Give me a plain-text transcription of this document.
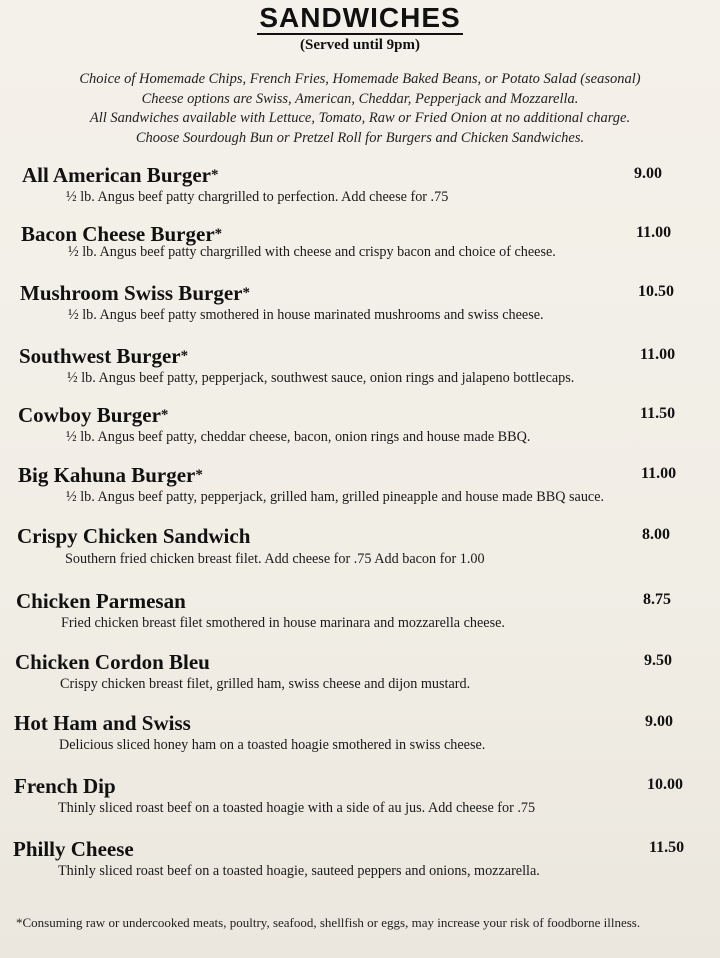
SANDWICHES
(Served until 9pm)
Choice of Homemade Chips, French Fries, Homemade Baked Beans, or Potato Salad (seasonal)
Cheese options are Swiss, American, Cheddar, Pepperjack and Mozzarella.
All Sandwiches available with Lettuce, Tomato, Raw or Fried Onion at no additional charge.
Choose Sourdough Bun or Pretzel Roll for Burgers and Chicken Sandwiches.
All American Burger*	9.00
½ lb. Angus beef patty chargrilled to perfection. Add cheese for .75
Bacon Cheese Burger*	11.00
½ lb. Angus beef patty chargrilled with cheese and crispy bacon and choice of cheese.
Mushroom Swiss Burger*	10.50
½ lb. Angus beef patty smothered in house marinated mushrooms and swiss cheese.
Southwest Burger*	11.00
½ lb. Angus beef patty, pepperjack, southwest sauce, onion rings and jalapeno bottlecaps.
Cowboy Burger*	11.50
½ lb. Angus beef patty, cheddar cheese, bacon, onion rings and house made BBQ.
Big Kahuna Burger*	11.00
½ lb. Angus beef patty, pepperjack, grilled ham, grilled pineapple and house made BBQ sauce.
Crispy Chicken Sandwich	8.00
Southern fried chicken breast filet. Add cheese for .75 Add bacon for 1.00
Chicken Parmesan	8.75
Fried chicken breast filet smothered in house marinara and mozzarella cheese.
Chicken Cordon Bleu	9.50
Crispy chicken breast filet, grilled ham, swiss cheese and dijon mustard.
Hot Ham and Swiss	9.00
Delicious sliced honey ham on a toasted hoagie smothered in swiss cheese.
French Dip	10.00
Thinly sliced roast beef on a toasted hoagie with a side of au jus. Add cheese for .75
Philly Cheese	11.50
Thinly sliced roast beef on a toasted hoagie, sauteed peppers and onions, mozzarella.
*Consuming raw or undercooked meats, poultry, seafood, shellfish or eggs, may increase your risk of foodborne illness.
